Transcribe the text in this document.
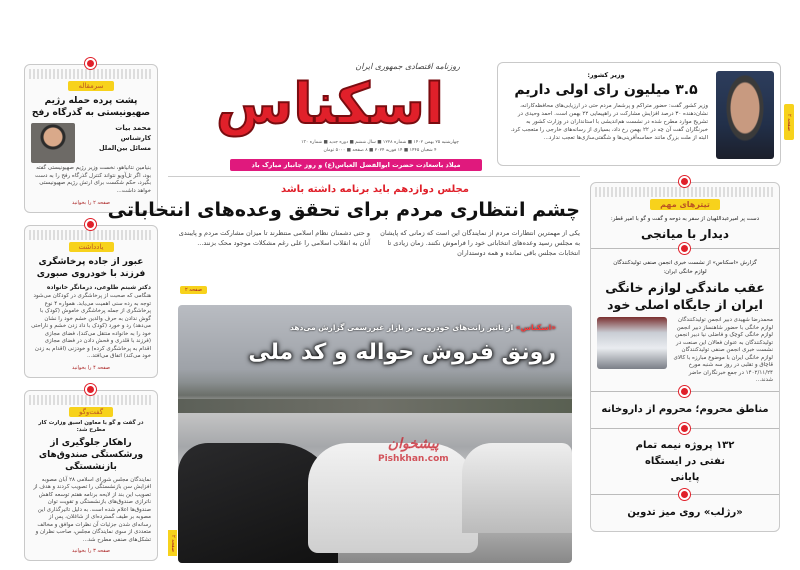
سرمقاله
پشت پرده حمله رژیم صهیونیستی به گذرگاه رفح
محمد بیات
کارشناس
مسائل بین‌الملل
بنیامین نتانیاهو، نخست وزیر رژیم صهیونیستی گفته بود، اگر تل‌آویو نتواند کنترل گذرگاه رفح را به دست بگیرد، حکم شکست برای ارتش رژیم صهیونیستی خواهد داشت...
صفحه ۲ را بخوانید
یادداشت
عبور از جاده پرخاشگری فرزند با خودروی صبوری
دکتر شبنم طلوعی، درمانگر خانواده
هنگامی که صحبت از پرخاشگری در کودکان می‌شود توجه به رده سنی اهمیت می‌یابد. همواره ۴ نوع پرخاشگری از جمله پرخاشگری خاموش (کودک با گوش ندادن به حرف والدین خشم خود را نشان می‌دهد) رد و خورد (کودک با داد زدن خشم و ناراحتی خود را به خانواده منتقل می‌کند)، فضای مجازی (فرزند با قلدری و فحش دادن در فضای مجازی اقدام به پرخاشگری کرده) و خودزنی (اقدام به زدن خود می‌کند) اتفاق می‌افتد...
صفحه ۴ را بخوانید
گفت‌وگو
در گفت و گو با معاون اسبق وزارت کار مطرح شد:
راهکار جلوگیری از ورشکستگی صندوق‌های بازنشستگی
نمایندگان مجلس شورای اسلامی ۲۸ آبان مصوبه افزایش سن بازنشستگی را تصویب کردند و هدف از تصویب این بند از لایحه برنامه هفتم توسعه کاهش ناترازی صندوق‌های بازنشستگی و تقویت توان صندوق‌ها اعلام شده است. به دلیل تاثیرگذاری این مصوبه بر طیف گسترده‌ای از شاغلان، پس از رسانه‌ای شدن جزئیات آن نظرات موافق و مخالف متعددی از سوی نمایندگان مجلس، صاحب نظران و تشکل‌های صنفی مطرح شد...
صفحه ۳ را بخوانید
روزنامه اقتصادی جمهوری ایران
اسکناس
چهارشنبه ۲۵ بهمن ۱۴۰۲ ■ شماره ۱۲۲۸ ■ سال ششم ■ دوره جدید ■ شماره ۱۳۰
۴ شعبان ۱۴۴۵ ■ ۱۴ فوریه ۲۰۲۴ ■ ۸ صفحه ■ ۵۰۰۰ تومان
میلاد باسعادت حضرت ابوالفضل العباس(ع) و روز جانباز مبارک باد
وزیر کشور:
۳.۵ میلیون رای اولی داریم
وزیر کشور گفت: حضور متراکم و پرشمار مردم حتی در ارزیابی‌های محافظه‌کارانه، نشان‌دهنده ۳۰ درصد افزایش مشارکت در راهپیمایی ۲۲ بهمن است. احمد وحیدی در تشریح موارد مطرح شده در نشست هم‌اندیشی با استانداران در وزارت کشور به خبرنگاران گفت آن چه در ۲۲ بهمن رخ داد، بسیاری از رسانه‌های خارجی را متعجب کرد. البته از ملت بزرگ مانند حماسه‌آفرینی‌ها و شگفتی‌سازی‌ها تعجب ندارد...
صفحه ۲
مجلس دوازدهم باید برنامه داشته باشد
چشم انتظاری مردم برای تحقق وعده‌های انتخاباتی
یکی از مهمترین انتظارات مردم از نمایندگان این است که زمانی که پایشان به مجلس رسید وعده‌های انتخاباتی خود را فراموش نکنند. زمان زیادی تا انتخابات مجلس باقی نمانده و همه دوستداران
و حتی دشمنان نظام اسلامی منتظرند تا میزان مشارکت مردم و پایبندی آنان به انقلاب اسلامی را علی رغم مشکلات موجود محک بزنند...
صفحه ۲
«اسکناس» از تاثیر رانت‌های خودرویی بر بازار غیررسمی گزارش می‌دهد
رونق فروش حواله و کد ملی
پیشخوان
Pishkhan.com
صفحه ۲
تیترهای مهم
دست پر امیرعبداللهیان از سفر به دوحه و گفت و گو با امیر قطر:
دیدار با میانجی
گزارش «اسکناس» از نشست خبری انجمن صنفی تولیدکنندگان لوازم خانگی ایران:
عقب ماندگی لوازم خانگی ایران از جایگاه اصلی خود
محمدرضا شهیدی دبیر انجمن تولیدکنندگان لوازم خانگی با حضور شاهنساز دبیر انجمن لوازم خانگی کوچک و فاضلی نیا دبیر انجمن تولیدکنندگان به عنوان فعالان این صنعت در نشست خبری انجمن صنفی تولیدکنندگان لوازم خانگی ایران با موضوع مبارزه با کالای قاچاق و تقلبی در روز سه شنبه مورخ ۱۴۰۲/۱۱/۲۴ در جمع خبرنگاران حاضر شدند...
مناطق محروم؛ محروم از داروخانه
۱۳۲ پروژه نیمه تمام نفتی در ایستگاه پایانی
«رژلب» روی میز تدوین
